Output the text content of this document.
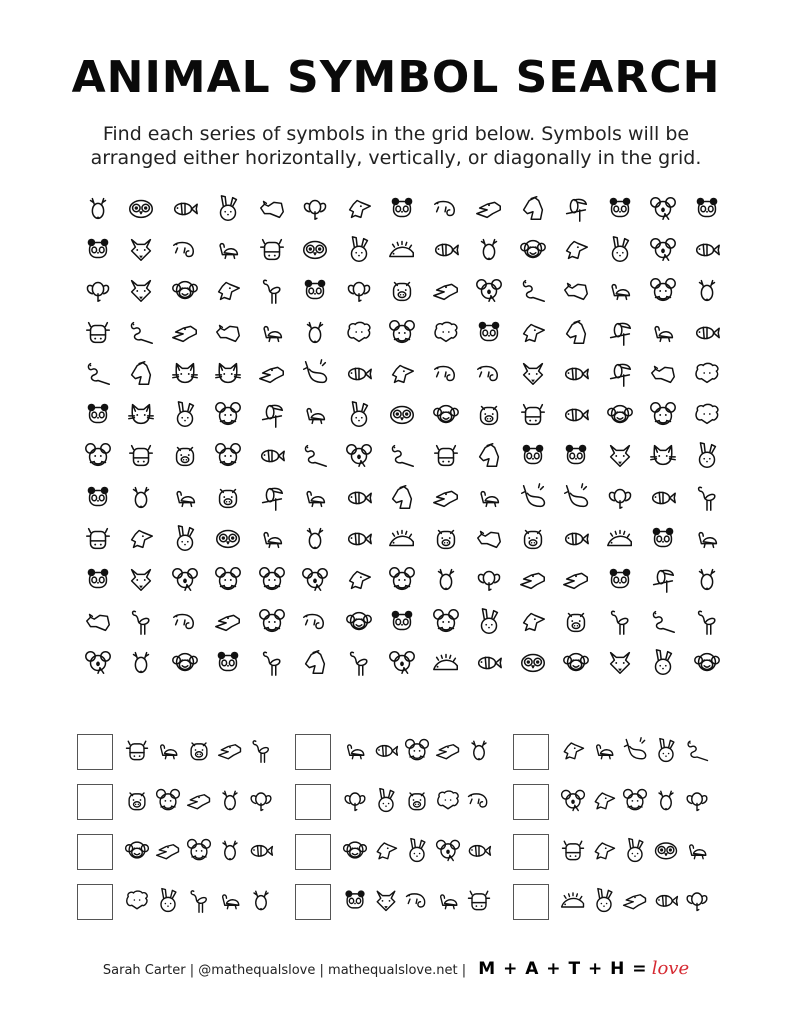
ANIMAL SYMBOL SEARCH
Find each series of symbols in the grid below. Symbols will be
arranged either horizontally, vertically, or diagonally in the grid.
Sarah Carter | @mathequalslove | mathequalslove.net | M + A + T + H = love
